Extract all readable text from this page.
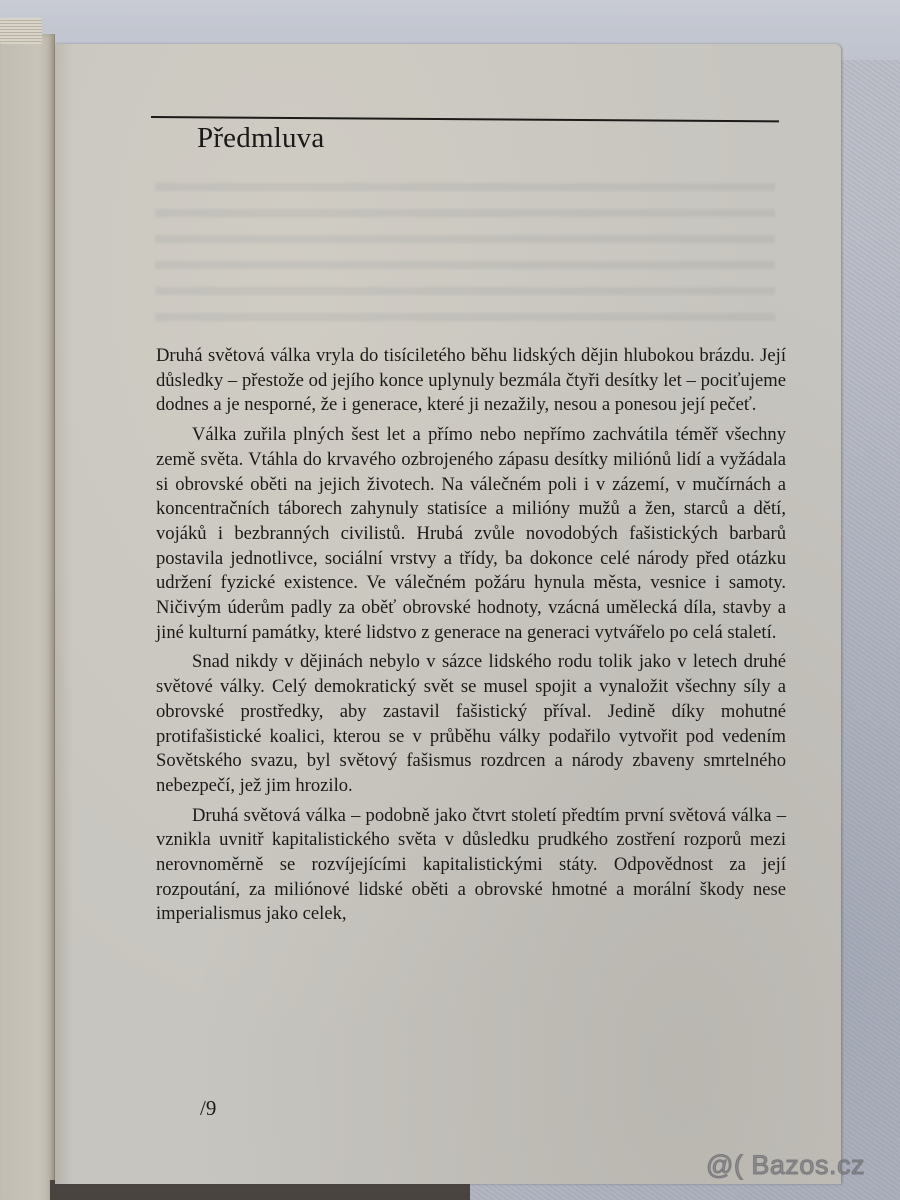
Předmluva

Druhá světová válka vryla do tisíciletého běhu lidských dějin hlubokou brázdu. Její důsledky – přestože od jejího konce uplynuly bezmála čtyři desítky let – pociťujeme dodnes a je nesporné, že i generace, které ji nezažily, nesou a ponesou její pečeť.

Válka zuřila plných šest let a přímo nebo nepřímo zachvátila téměř všechny země světa. Vtáhla do krvavého ozbrojeného zápasu desítky miliónů lidí a vyžádala si obrovské oběti na jejich životech. Na válečném poli i v zázemí, v mučírnách a koncentračních táborech zahynuly statisíce a milióny mužů a žen, starců a dětí, vojáků i bezbranných civilistů. Hrubá zvůle novodobých fašistických barbarů postavila jednotlivce, sociální vrstvy a třídy, ba dokonce celé národy před otázku udržení fyzické existence. Ve válečném požáru hynula města, vesnice i samoty. Ničivým úderům padly za oběť obrovské hodnoty, vzácná umělecká díla, stavby a jiné kulturní památky, které lidstvo z generace na generaci vytvářelo po celá staletí.

Snad nikdy v dějinách nebylo v sázce lidského rodu tolik jako v letech druhé světové války. Celý demokratický svět se musel spojit a vynaložit všechny síly a obrovské prostředky, aby zastavil fašistický příval. Jedině díky mohutné protifašistické koalici, kterou se v průběhu války podařilo vytvořit pod vedením Sovětského svazu, byl světový fašismus rozdrcen a národy zbaveny smrtelného nebezpečí, jež jim hrozilo.

Druhá světová válka – podobně jako čtvrt století předtím první světová válka – vznikla uvnitř kapitalistického světa v důsledku prudkého zostření rozporů mezi nerovnoměrně se rozvíjejícími kapitalistickými státy. Odpovědnost za její rozpoutání, za miliónové lidské oběti a obrovské hmotné a morální škody nese imperialismus jako celek,

/9
@( Bazos.cz
